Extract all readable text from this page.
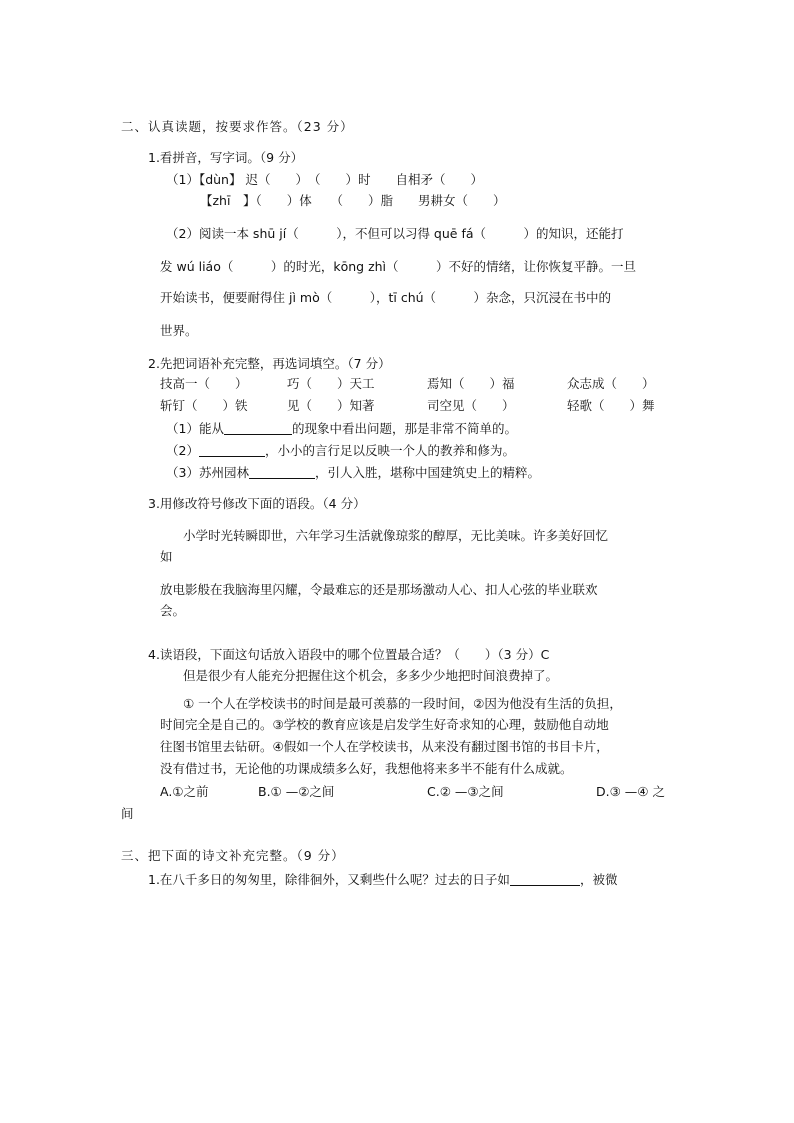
二、认真读题，按要求作答。（23 分）
1.看拼音，写字词。（9 分）
（1）【dùn】 迟（　　）　（　　）时　　自相矛（　　）
【zhī　】（　　）体　　（　　）脂　　男耕女（　　）
（2）阅读一本 shū jí（　　　），不但可以习得 quē fá（　　　）的知识，还能打
发 wú liáo（　　　）的时光，kōng zhì（　　　）不好的情绪，让你恢复平静。一旦
开始读书，便要耐得住 jì mò（　　　），tī chú（　　　）杂念，只沉浸在书中的
世界。
2.先把词语补充完整，再选词填空。（7 分）
技高一（　　）	巧（　　）天工	焉知（　　）福	众志成（　　）
斩钉（　　）铁	见（　　）知著	司空见（　　）	轻歌（　　）舞
（1）能从	的现象中看出问题，那是非常不简单的。
（2）	，小小的言行足以反映一个人的教养和修为。
（3）苏州园林	，引人入胜，堪称中国建筑史上的精粹。
3.用修改符号修改下面的语段。（4 分）
小学时光转瞬即世，六年学习生活就像琼浆的醇厚，无比美味。许多美好回忆
如
放电影般在我脑海里闪耀，令最难忘的还是那场激动人心、扣人心弦的毕业联欢
会。
4.读语段，下面这句话放入语段中的哪个位置最合适？（　　）（3 分）C
但是很少有人能充分把握住这个机会，多多少少地把时间浪费掉了。
① 一个人在学校读书的时间是最可羡慕的一段时间，②因为他没有生活的负担，
时间完全是自己的。③学校的教育应该是启发学生好奇求知的心理，鼓励他自动地
往图书馆里去钻研。④假如一个人在学校读书，从来没有翻过图书馆的书目卡片，
没有借过书，无论他的功课成绩多么好，我想他将来多半不能有什么成就。
A.①之前	B.① —②之间	C.② —③之间	D.③ —④ 之
间
三、把下面的诗文补充完整。（9 分）
1.在八千多日的匆匆里，除徘徊外，又剩些什么呢？过去的日子如	，被微
